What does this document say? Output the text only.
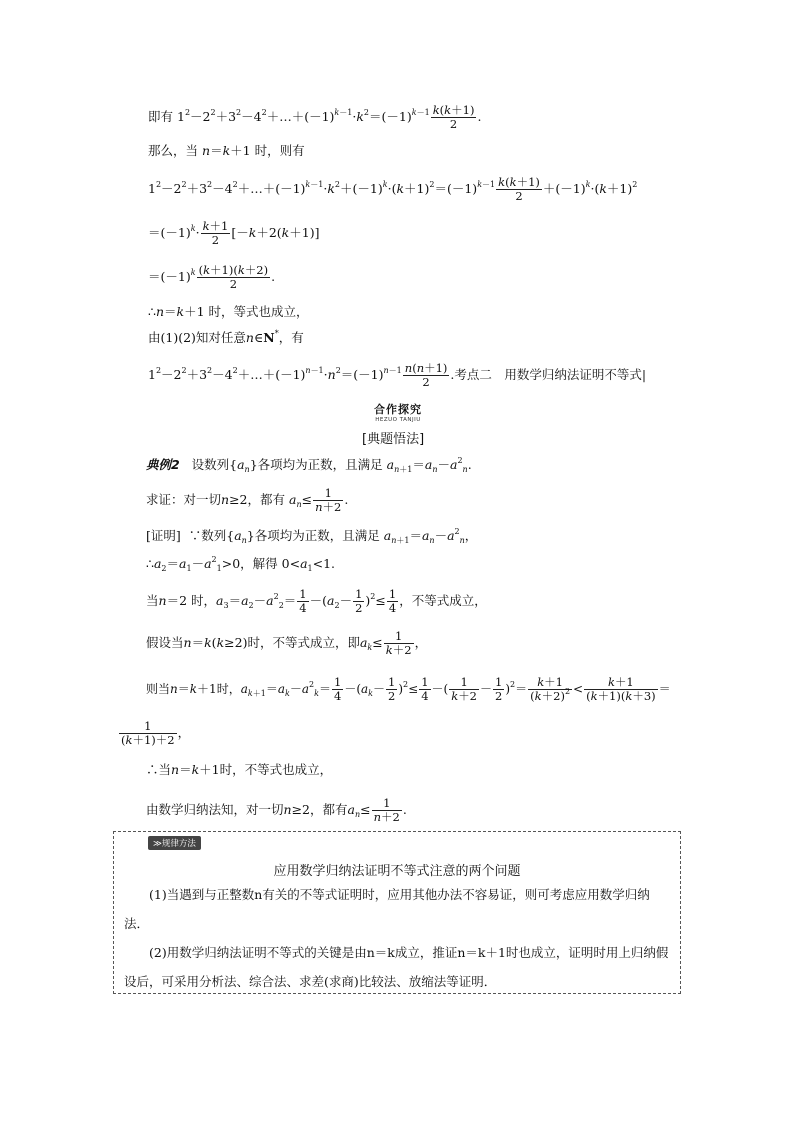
即有 $1^2-2^2+3^2-4^2+\dots+(-1)^{k-1}\cdot k^2=(-1)^{k-1} \frac{k(k+1)}{2}$ .
那么，当 n＝k＋1 时，则有
$1^2-2^2+3^2-4^2+\dots+(-1)^{k-1}\cdot k^2+(-1)^k\cdot(k+1)^2=(-1)^{k-1} \frac{k(k+1)}{2} +(-1)^k\cdot(k+1)^2$
$=(-1)^k\cdot \frac{k+1}{2} [-k+2(k+1)]$
$=(-1)^k \frac{(k+1)(k+2)}{2}$ .
∴n＝k＋1 时，等式也成立，
由(1)(2)知对任意n∈N*，有
$1^2-2^2+3^2-4^2+\dots+(-1)^{n-1}\cdot n^2=(-1)^{n-1} \frac{n(n+1)}{2}$ .考点二　用数学归纳法证明不等式|
合作探究
HEZUO TANJIU
[典题悟法]
典例2 设数列$\{a_n\}$各项均为正数，且满足 $a_{n+1}=a_n-a^2_n$.
求证：对一切n≥2，都有 $a_n\le \frac{1}{n+2}$ .
[证明] ∵数列$\{a_n\}$各项均为正数，且满足 $a_{n+1}=a_n-a^2_n$，
$\therefore a_2=a_1-a^2_1>0$，解得 $0<a_1<1$.
当n＝2 时，$a_3=a_2-a^2_2= \frac{1}{4} -(a_2- \frac{1}{2} )^2\le \frac{1}{4}$ ，不等式成立，
假设当n＝k(k≥2)时，不等式成立，即$a_k\le \frac{1}{k+2}$ ，
则当n＝k＋1时，$a_{k+1}=a_k-a^2_k= \frac{1}{4} -(a_k- \frac{1}{2} )^2\le \frac{1}{4}$ －( $\frac{1}{k+2} - \frac{1}{2} )^2= \frac{k+1}{(k+2)^2} < \frac{k+1}{(k+1)(k+3)}$ ＝
$\frac{1}{(k+1)+2}$ ，
∴当n＝k＋1时，不等式也成立，
由数学归纳法知，对一切n≥2，都有$a_n\le \frac{1}{n+2}$ .
≫规律方法
应用数学归纳法证明不等式注意的两个问题
(1)当遇到与正整数n有关的不等式证明时，应用其他办法不容易证，则可考虑应用数学归纳法．
(2)用数学归纳法证明不等式的关键是由n＝k成立，推证n＝k＋1时也成立，证明时用上归纳假设后，可采用分析法、综合法、求差(求商)比较法、放缩法等证明．
